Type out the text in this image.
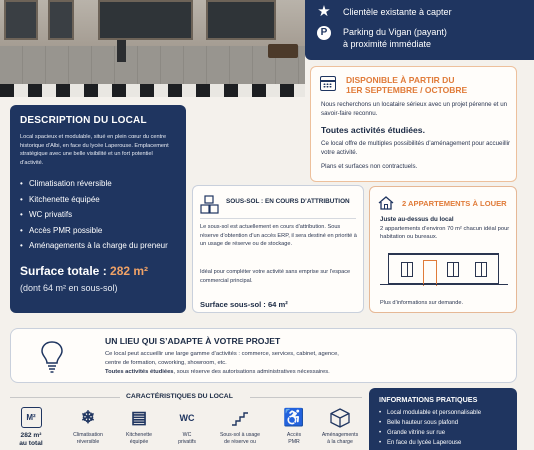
★ Clientèle existante à capter
P	Parking du Vigan (payant)
à proximité immédiate
DESCRIPTION DU LOCAL

Local spacieux et modulable, situé en plein cœur du centre historique d’Albi, en face du lycée Laperouse. Emplacement stratégique avec une belle visibilité et un fort potentiel d’activité.

• Climatisation réversible
• Kitchenette équipée
• WC privatifs
• Accès PMR possible
• Aménagements à la charge du preneur
Surface totale : 282 m²
(dont 64 m² en sous-sol)
DISPONIBLE À PARTIR DU
1ER SEPTEMBRE / OCTOBRE

Nous recherchons un locataire sérieux avec un projet pérenne et un savoir-faire reconnu.

Toutes activités étudiées.

Ce local offre de multiples possibilités d’aménagement pour accueillir votre activité.

Plans et surfaces non contractuels.

SOUS-SOL : EN COURS D’ATTRIBUTION

Le sous-sol est actuellement en cours d’attribution. Sous réserve d’obtention d’un accès ERP, il sera destiné en priorité à un usage de réserve ou de stockage.

Idéal pour compléter votre activité sans emprise sur l’espace commercial principal.

Surface sous-sol : 64 m²
2 APPARTEMENTS À LOUER
Juste au-dessus du local

2 appartements d’environ 70 m² chacun idéal pour habitation ou bureaux.

Plus d’informations sur demande.
UN LIEU QUI S’ADAPTE À VOTRE PROJET

Ce local peut accueillir une large gamme d’activités : commerce, services, cabinet, agence,

centre de formation, coworking, showroom, etc.

Toutes activités étudiées, sous réserve des autorisations administratives nécessaires.

CARACTÉRISTIQUES DU LOCAL
M²
282 m²
au total
❄
Climatisation
réversible
▤
Kitchenette
équipée
WC
WC
privatifs
Sous-sol à usage
de réserve ou
♿
Accès
PMR
Aménagements
à la charge
INFORMATIONS PRATIQUES
• Local modulable et personnalisable
• Belle hauteur sous plafond
• Grande vitrine sur rue
• En face du lycée Laperouse
